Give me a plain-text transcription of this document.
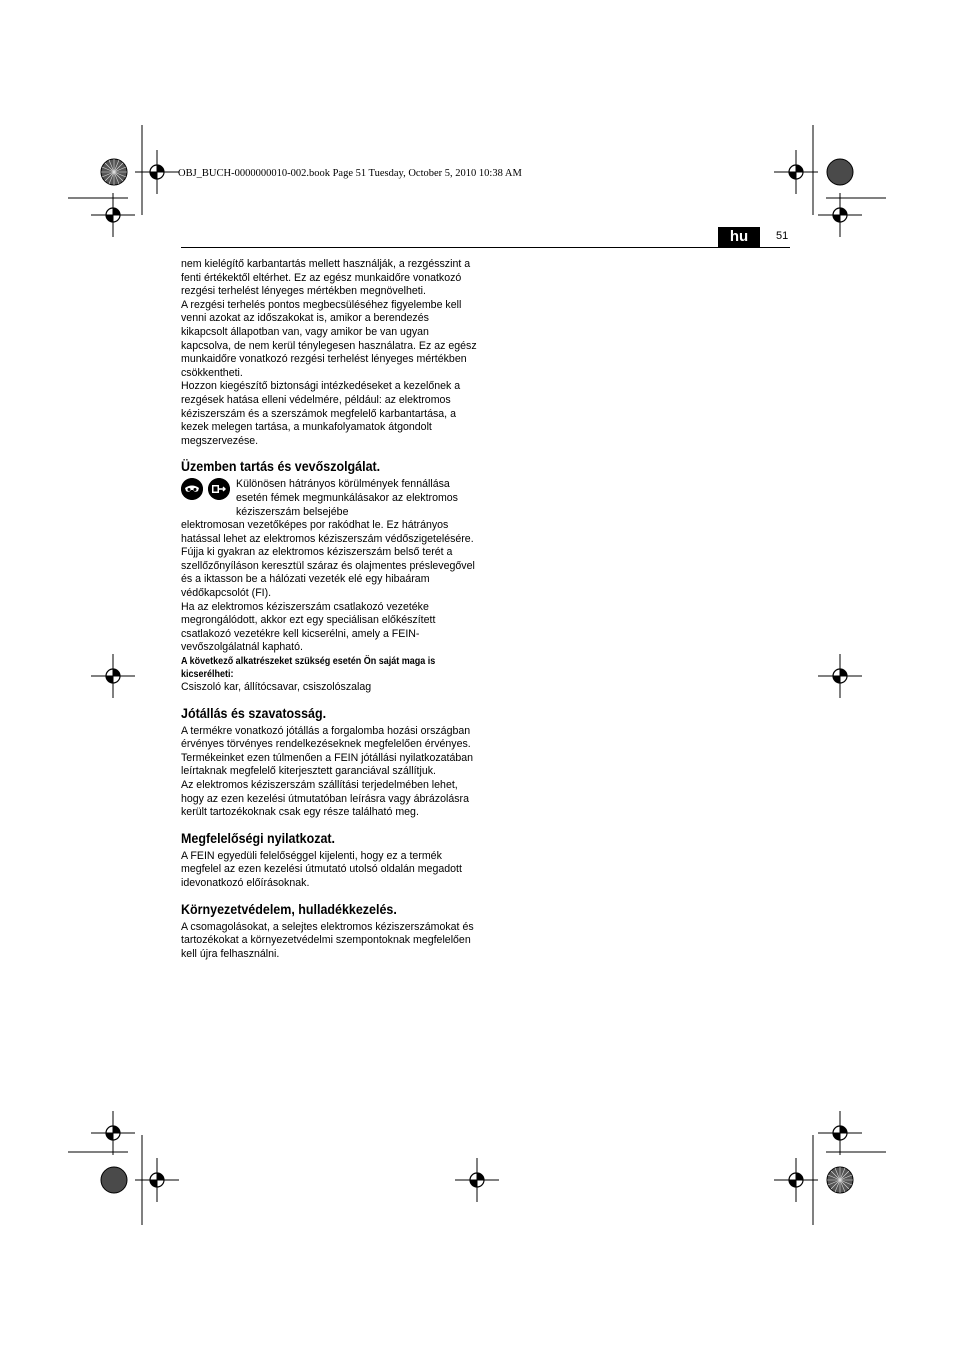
OBJ_BUCH-0000000010-002.book Page 51 Tuesday, October 5, 2010 10:38 AM
hu	51

nem kielégítő karbantartás mellett használják, a rezgésszint a fenti értékektől eltérhet. Ez az egész munkaidőre vonatkozó rezgési terhelést lényeges mértékben megnövelheti.

A rezgési terhelés pontos megbecsüléséhez figyelembe kell venni azokat az időszakokat is, amikor a berendezés kikapcsolt állapotban van, vagy amikor be van ugyan kapcsolva, de nem kerül ténylegesen használatra. Ez az egész munkaidőre vonatkozó rezgési terhelést lényeges mértékben csökkentheti.

Hozzon kiegészítő biztonsági intézkedéseket a kezelőnek a rezgések hatása elleni védelmére, például: az elektromos kéziszerszám és a szerszámok megfelelő karbantartása, a kezek melegen tartása, a munkafolyamatok átgondolt megszervezése.

Üzemben tartás és vevőszolgálat.

Különösen hátrányos körülmények fennállása esetén fémek megmunkálásakor az elektromos kéziszerszám belsejébe

elektromosan vezetőképes por rakódhat le. Ez hátrányos hatással lehet az elektromos kéziszerszám védőszigetelésére. Fújja ki gyakran az elektromos kéziszerszám belső terét a szellőzőnyíláson keresztül száraz és olajmentes préslevegővel és a iktasson be a hálózati vezeték elé egy hibaáram védőkapcsolót (FI).

Ha az elektromos kéziszerszám csatlakozó vezetéke megrongálódott, akkor ezt egy speciálisan előkészített csatlakozó vezetékre kell kicserélni, amely a FEIN-vevőszolgálatnál kapható.

A következő alkatrészeket szükség esetén Ön saját maga is kicserélheti:

Csiszoló kar, állítócsavar, csiszolószalag

Jótállás és szavatosság.

A termékre vonatkozó jótállás a forgalomba hozási országban érvényes törvényes rendelkezéseknek megfelelően érvényes. Termékeinket ezen túlmenően a FEIN jótállási nyilatkozatában leírtaknak megfelelő kiterjesztett garanciával szállítjuk.

Az elektromos kéziszerszám szállítási terjedelmében lehet, hogy az ezen kezelési útmutatóban leírásra vagy ábrázolásra került tartozékoknak csak egy része található meg.

Megfelelőségi nyilatkozat.

A FEIN egyedüli felelőséggel kijelenti, hogy ez a termék megfelel az ezen kezelési útmutató utolsó oldalán megadott idevonatkozó előírásoknak.

Környezetvédelem, hulladékkezelés.

A csomagolásokat, a selejtes elektromos kéziszerszámokat és tartozékokat a környezetvédelmi szempontoknak megfelelően kell újra felhasználni.
